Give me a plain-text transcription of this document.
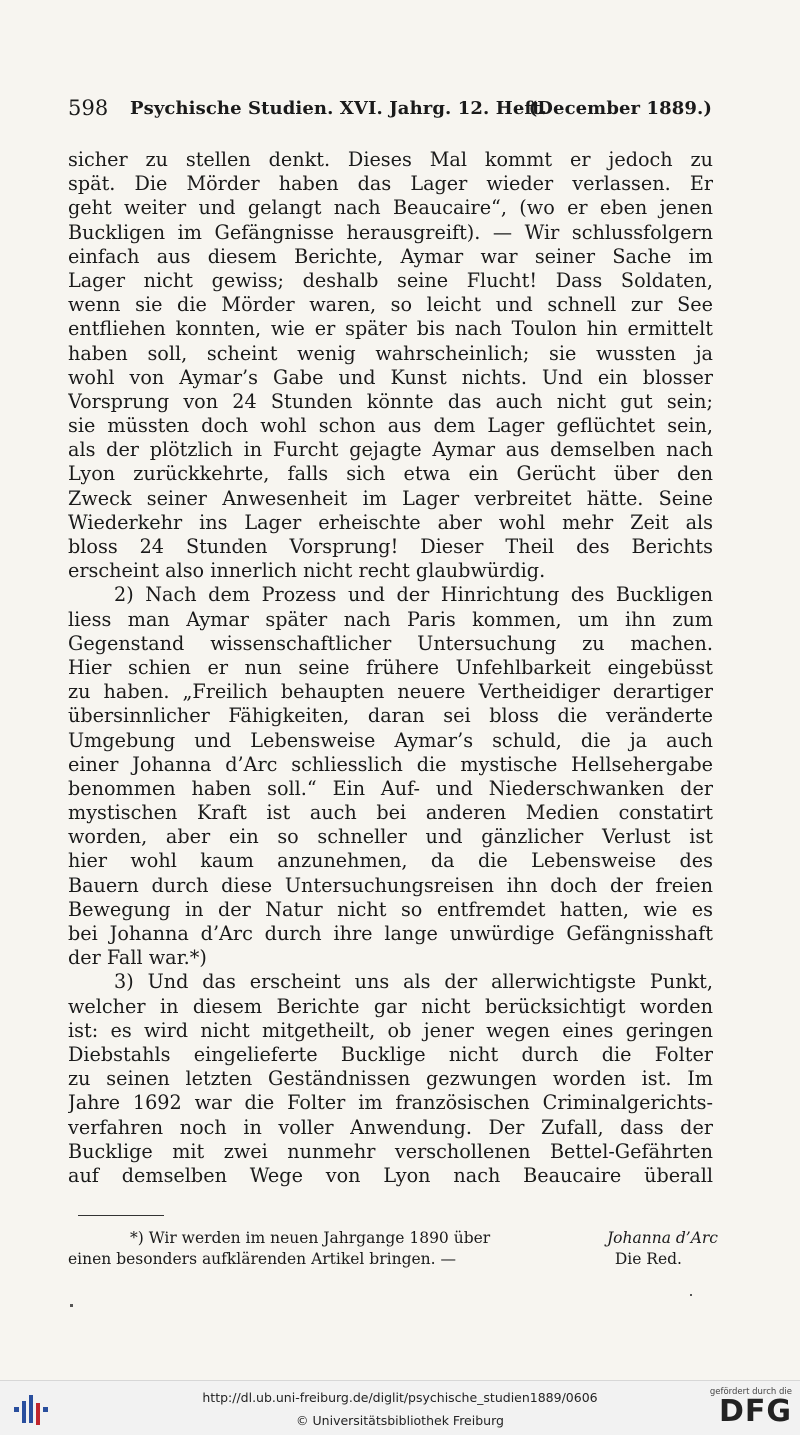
598 Psychische Studien. XVI. Jahrg. 12. Heft.
(December 1889.)
sicher zu stellen denkt. Dieses Mal kommt er jedoch zu
spät. Die Mörder haben das Lager wieder verlassen. Er
geht weiter und gelangt nach Beaucaire“, (wo er eben jenen
Buckligen im Gefängnisse herausgreift). — Wir schlussfolgern
einfach aus diesem Berichte, Aymar war seiner Sache im
Lager nicht gewiss; deshalb seine Flucht! Dass Soldaten,
wenn sie die Mörder waren, so leicht und schnell zur See
entfliehen konnten, wie er später bis nach Toulon hin ermittelt
haben soll, scheint wenig wahrscheinlich; sie wussten ja
wohl von Aymar’s Gabe und Kunst nichts. Und ein blosser
Vorsprung von 24 Stunden könnte das auch nicht gut sein;
sie müssten doch wohl schon aus dem Lager geflüchtet sein,
als der plötzlich in Furcht gejagte Aymar aus demselben nach
Lyon zurückkehrte, falls sich etwa ein Gerücht über den
Zweck seiner Anwesenheit im Lager verbreitet hätte. Seine
Wiederkehr ins Lager erheischte aber wohl mehr Zeit als
bloss 24 Stunden Vorsprung! Dieser Theil des Berichts
erscheint also innerlich nicht recht glaubwürdig.
2) Nach dem Prozess und der Hinrichtung des Buckligen
liess man Aymar später nach Paris kommen, um ihn zum
Gegenstand wissenschaftlicher Untersuchung zu machen.
Hier schien er nun seine frühere Unfehlbarkeit eingebüsst
zu haben. „Freilich behaupten neuere Vertheidiger derartiger
übersinnlicher Fähigkeiten, daran sei bloss die veränderte
Umgebung und Lebensweise Aymar’s schuld, die ja auch
einer Johanna d’Arc schliesslich die mystische Hellsehergabe
benommen haben soll.“ Ein Auf- und Niederschwanken der
mystischen Kraft ist auch bei anderen Medien constatirt
worden, aber ein so schneller und gänzlicher Verlust ist
hier wohl kaum anzunehmen, da die Lebensweise des
Bauern durch diese Untersuchungsreisen ihn doch der freien
Bewegung in der Natur nicht so entfremdet hatten, wie es
bei Johanna d’Arc durch ihre lange unwürdige Gefängnisshaft
der Fall war.*)
3) Und das erscheint uns als der allerwichtigste Punkt,
welcher in diesem Berichte gar nicht berücksichtigt worden
ist: es wird nicht mitgetheilt, ob jener wegen eines geringen
Diebstahls eingelieferte Bucklige nicht durch die Folter
zu seinen letzten Geständnissen gezwungen worden ist. Im
Jahre 1692 war die Folter im französischen Criminalgerichts-
verfahren noch in voller Anwendung. Der Zufall, dass der
Bucklige mit zwei nunmehr verschollenen Bettel-Gefährten
auf demselben Wege von Lyon nach Beaucaire überall
*) Wir werden im neuen Jahrgange 1890 über	Johanna d’Arc
einen besonders aufklärenden Artikel bringen. —	Die Red.
http://dl.ub.uni-freiburg.de/diglit/psychische_studien1889/0606
© Universitätsbibliothek Freiburg
gefördert durch die
DFG
